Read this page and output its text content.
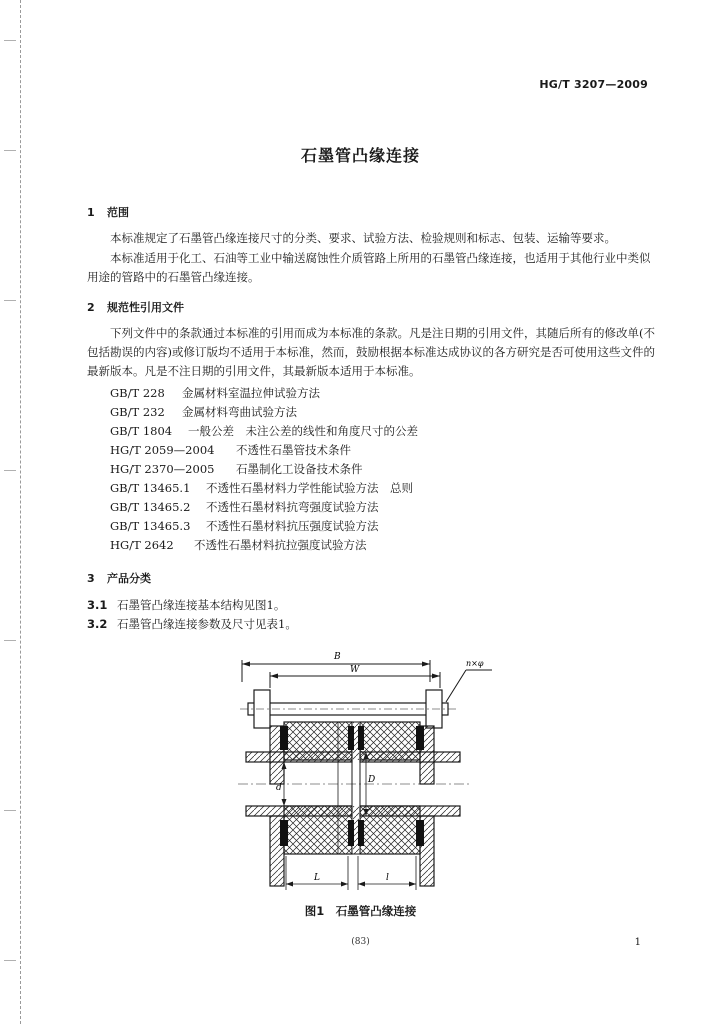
HG/T 3207—2009
石墨管凸缘连接
1 范围
本标准规定了石墨管凸缘连接尺寸的分类、要求、试验方法、检验规则和标志、包装、运输等要求。
本标准适用于化工、石油等工业中输送腐蚀性介质管路上所用的石墨管凸缘连接，也适用于其他行业中类似用途的管路中的石墨管凸缘连接。
2 规范性引用文件
下列文件中的条款通过本标准的引用而成为本标准的条款。凡是注日期的引用文件，其随后所有的修改单(不包括勘误的内容)或修订版均不适用于本标准，然而，鼓励根据本标准达成协议的各方研究是否可使用这些文件的最新版本。凡是不注日期的引用文件，其最新版本适用于本标准。
GB/T 228 金属材料室温拉伸试验方法
GB/T 232 金属材料弯曲试验方法
GB/T 1804 一般公差　未注公差的线性和角度尺寸的公差
HG/T 2059—2004 不透性石墨管技术条件
HG/T 2370—2005 石墨制化工设备技术条件
GB/T 13465.1 不透性石墨材料力学性能试验方法　总则
GB/T 13465.2 不透性石墨材料抗弯强度试验方法
GB/T 13465.3 不透性石墨材料抗压强度试验方法
HG/T 2642 不透性石墨材料抗拉强度试验方法
3 产品分类
3.1 石墨管凸缘连接基本结构见图1。
3.2 石墨管凸缘连接参数及尺寸见表1。
B
W
n×φ
d
D
L	l
图1　石墨管凸缘连接
(83)	1
